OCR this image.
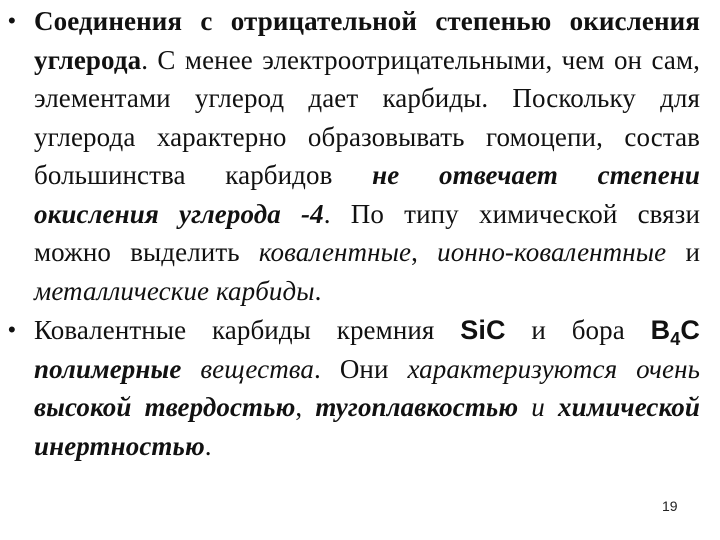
• Соединения с отрицательной степенью окисления углерода. С менее электроотрицательными, чем он сам, элементами углерод дает карбиды. Поскольку для углерода характерно образовывать гомоцепи, состав большинства карбидов не отвечает степени окисления углерода -4. По типу химической связи можно выделить ковалентные, ионно-ковалентные и металлические карбиды.
• Ковалентные карбиды кремния SiC и бора $B_4C$ полимерные вещества. Они характеризуются очень высокой твердостью, тугоплавкостью и химической инертностью.
19
